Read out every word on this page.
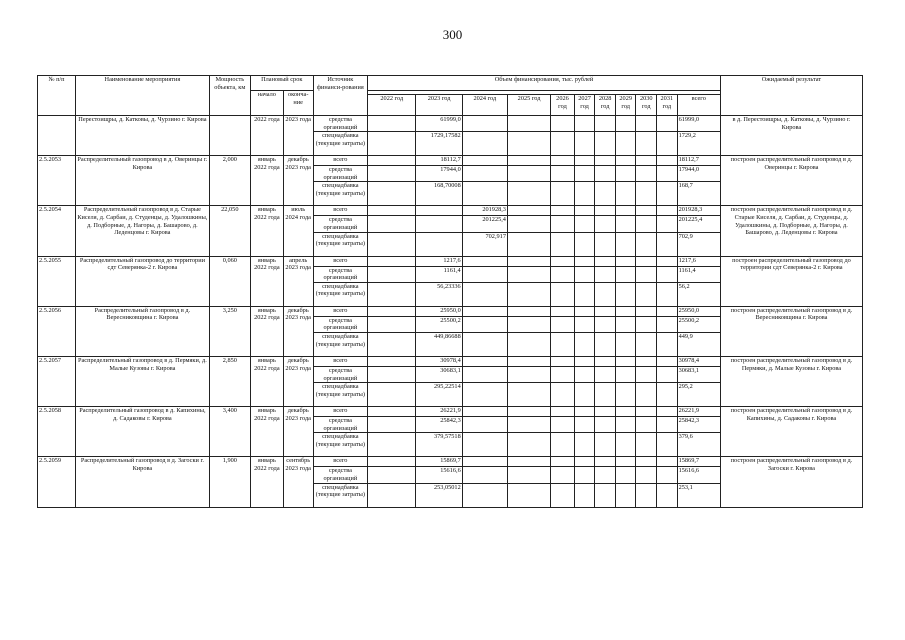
300
№ п/п	Наименование мероприятия	Мощность объекта, км	Плановый срок		Источник финанси-рования	Объем финансирования, тыс. рублей											Ожидаемый результат
			начало	оконча-ние													
						2022 год	2023 год	2024 год	2025 год	2026 год	2027 год	2028 год	2029 год	2030 год	2031 год	всего	
	Перестоищры, д. Катковы, д. Чурзино г. Кирова		2022 года	2023 года	средства организаций		61999,0									61999,0	в д. Перестоищры, д. Катковы, д. Чурзино г. Кирова
					спецнадбавка (текущие затраты)		1729,17582									1729,2	
2.5.2053	Распределительный газопровод в д. Оверинцы г. Кирова	2,000	январь 2022 года	декабрь 2023 года	всего		18112,7									18112,7	построен распределительный газопровод в д. Оверинцы г. Кирова
					средства организаций		17944,0									17944,0	
					спецнадбавка (текущие затраты)		168,70008									168,7	
2.5.2054	Распределительный газопровод в д. Старые Киселя, д. Сарбаи, д. Студенцы, д. Удалошкины, д. Подборные, д. Нагоры, д. Башарово, д. Леденцовы г. Кирова	22,050	январь 2022 года	июль 2024 года	всего			201928,3								201928,3	построен распределительный газопровод в д. Старые Киселя, д. Сарбаи, д. Студенцы, д. Удалошкины, д. Подборные, д. Нагоры, д. Башарово, д. Леденцовы г. Кирова
					средства организаций			201225,4								201225,4	
					спецнадбавка (текущие затраты)			702,917								702,9	
2.5.2055	Распределительный газопровод до территории сдт Северянка-2 г. Кирова	0,060	январь 2022 года	апрель 2023 года	всего		1217,6									1217,6	построен распределительный газопровод до территории сдт Северянка-2 г. Кирова
					средства организаций		1161,4									1161,4	
					спецнадбавка (текущие затраты)		56,23336									56,2	
2.5.2056	Распределительный газопровод в д. Вересниковщина г. Кирова	3,250	январь 2022 года	декабрь 2023 года	всего		25950,0									25950,0	построен распределительный газопровод в д. Вересниковщина г. Кирова
					средства организаций		25500,2									25500,2	
					спецнадбавка (текущие затраты)		449,86688									449,9	
2.5.2057	Распределительный газопровод в д. Пермяки, д. Малые Кузовы г. Кирова	2,850	январь 2022 года	декабрь 2023 года	всего		30978,4									30978,4	построен распределительный газопровод в д. Пермяки, д. Малые Кузовы г. Кирова
					средства организаций		30683,1									30683,1	
					спецнадбавка (текущие затраты)		295,22514									295,2	
2.5.2058	Распределительный газопровод в д. Капихины, д. Садаковы г. Кирова	3,400	январь 2022 года	декабрь 2023 года	всего		26221,9									26221,9	построен распределительный газопровод в д. Капихины, д. Садаковы г. Кирова
					средства организаций		25842,3									25842,3	
					спецнадбавка (текущие затраты)		379,57518									379,6	
2.5.2059	Распределительный газопровод в д. Загоски г. Кирова	1,900	январь 2022 года	сентябрь 2023 года	всего		15869,7									15869,7	построен распределительный газопровод в д. Загоски г. Кирова
					средства организаций		15616,6									15616,6	
					спецнадбавка (текущие затраты)		253,05012									253,1	
